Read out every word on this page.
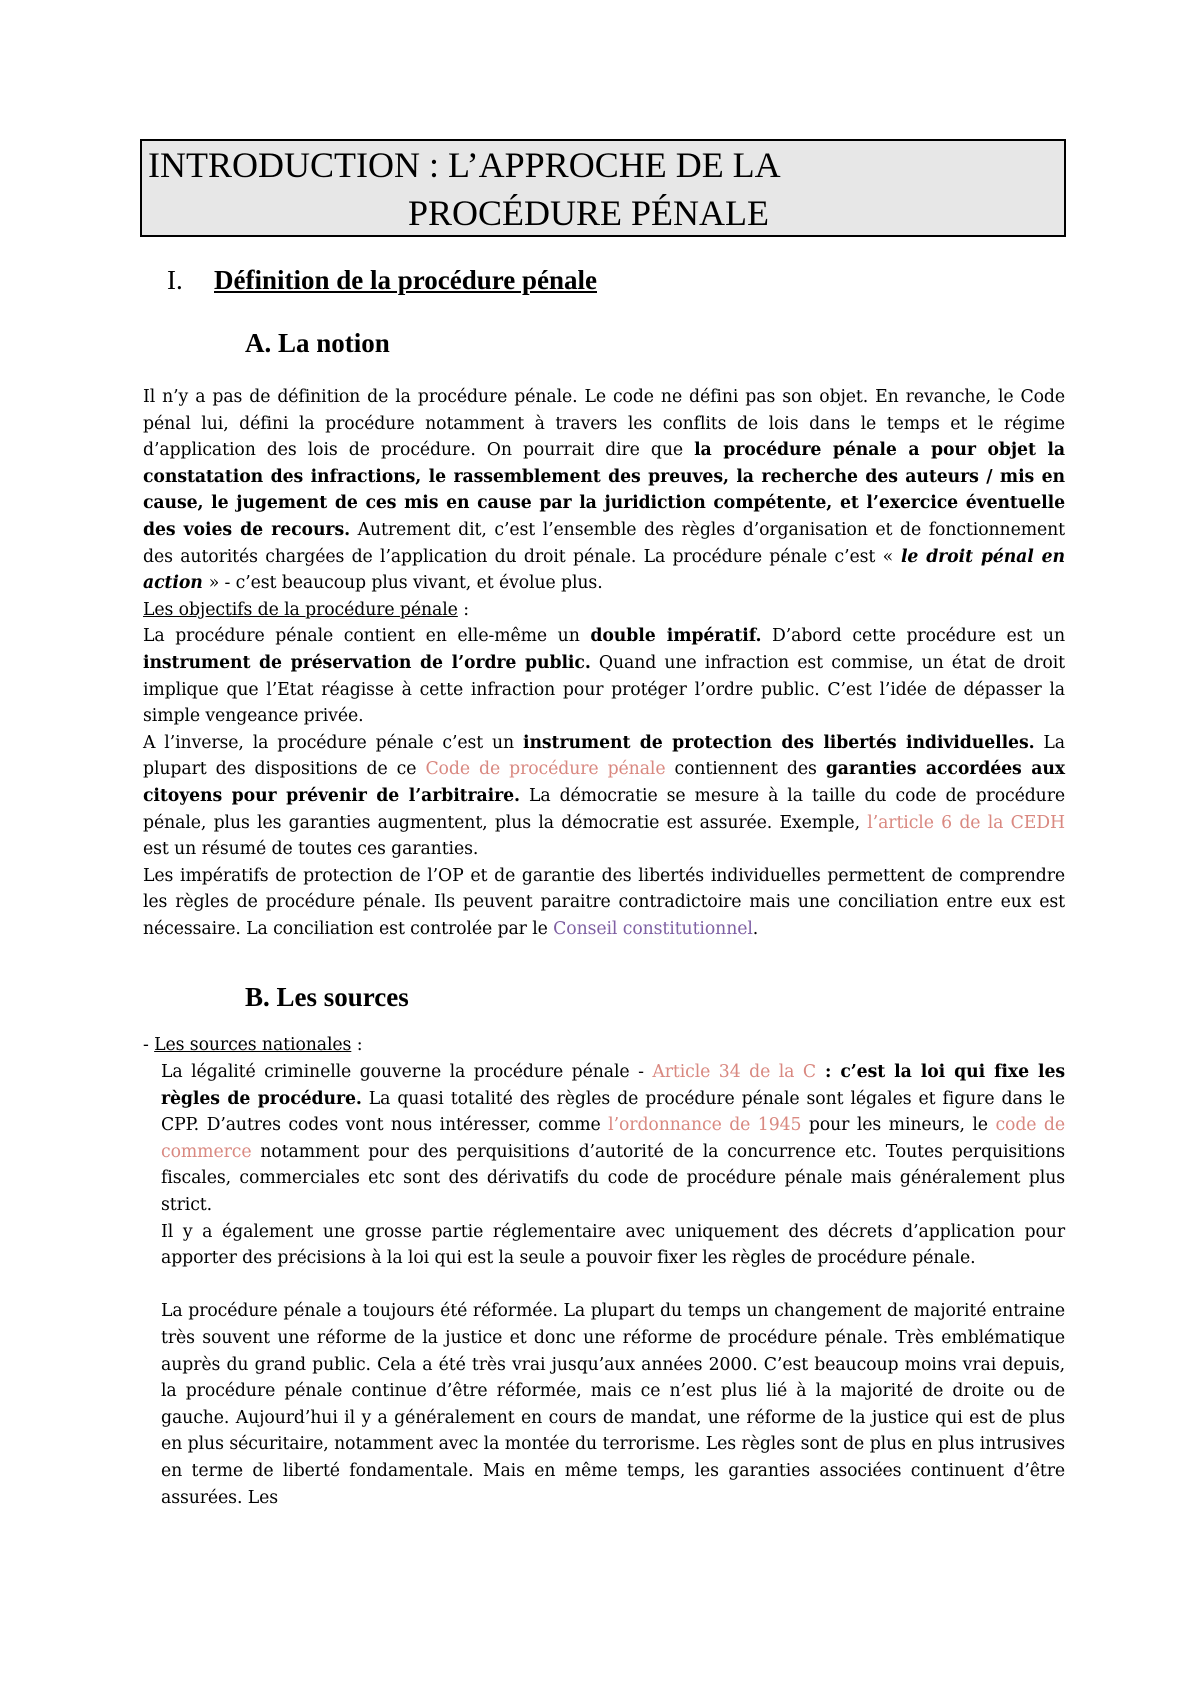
INTRODUCTION : L’APPROCHE DE LA
PROCÉDURE PÉNALE
I. Définition de la procédure pénale
A. La notion

Il n’y a pas de définition de la procédure pénale. Le code ne défini pas son objet. En revanche, le Code pénal lui, défini la procédure notamment à travers les conflits de lois dans le temps et le régime d’application des lois de procédure. On pourrait dire que la procédure pénale a pour objet la constatation des infractions, le rassemblement des preuves, la recherche des auteurs / mis en cause, le jugement de ces mis en cause par la juridiction compétente, et l’exercice éventuelle des voies de recours. Autrement dit, c’est l’ensemble des règles d’organisation et de fonctionnement des autorités chargées de l’application du droit pénale. La procédure pénale c’est « le droit pénal en action » - c’est beaucoup plus vivant, et évolue plus.

Les objectifs de la procédure pénale :

La procédure pénale contient en elle-même un double impératif. D’abord cette procédure est un instrument de préservation de l’ordre public. Quand une infraction est commise, un état de droit implique que l’Etat réagisse à cette infraction pour protéger l’ordre public. C’est l’idée de dépasser la simple vengeance privée.

A l’inverse, la procédure pénale c’est un instrument de protection des libertés individuelles. La plupart des dispositions de ce Code de procédure pénale contiennent des garanties accordées aux citoyens pour prévenir de l’arbitraire. La démocratie se mesure à la taille du code de procédure pénale, plus les garanties augmentent, plus la démocratie est assurée. Exemple, l’article 6 de la CEDH est un résumé de toutes ces garanties.

Les impératifs de protection de l’OP et de garantie des libertés individuelles permettent de comprendre les règles de procédure pénale. Ils peuvent paraitre contradictoire mais une conciliation entre eux est nécessaire. La conciliation est controlée par le Conseil constitutionnel.

B. Les sources

- Les sources nationales :

La légalité criminelle gouverne la procédure pénale - Article 34 de la C : c’est la loi qui fixe les règles de procédure. La quasi totalité des règles de procédure pénale sont légales et figure dans le CPP. D’autres codes vont nous intéresser, comme l’ordonnance de 1945 pour les mineurs, le code de commerce notamment pour des perquisitions d’autorité de la concurrence etc. Toutes perquisitions fiscales, commerciales etc sont des dérivatifs du code de procédure pénale mais généralement plus strict.

Il y a également une grosse partie réglementaire avec uniquement des décrets d’application pour apporter des précisions à la loi qui est la seule a pouvoir fixer les règles de procédure pénale.

La procédure pénale a toujours été réformée. La plupart du temps un changement de majorité entraine très souvent une réforme de la justice et donc une réforme de procédure pénale. Très emblématique auprès du grand public. Cela a été très vrai jusqu’aux années 2000. C’est beaucoup moins vrai depuis, la procédure pénale continue d’être réformée, mais ce n’est plus lié à la majorité de droite ou de gauche. Aujourd’hui il y a généralement en cours de mandat, une réforme de la justice qui est de plus en plus sécuritaire, notamment avec la montée du terrorisme. Les règles sont de plus en plus intrusives en terme de liberté fondamentale. Mais en même temps, les garanties associées continuent d’être assurées. Les
